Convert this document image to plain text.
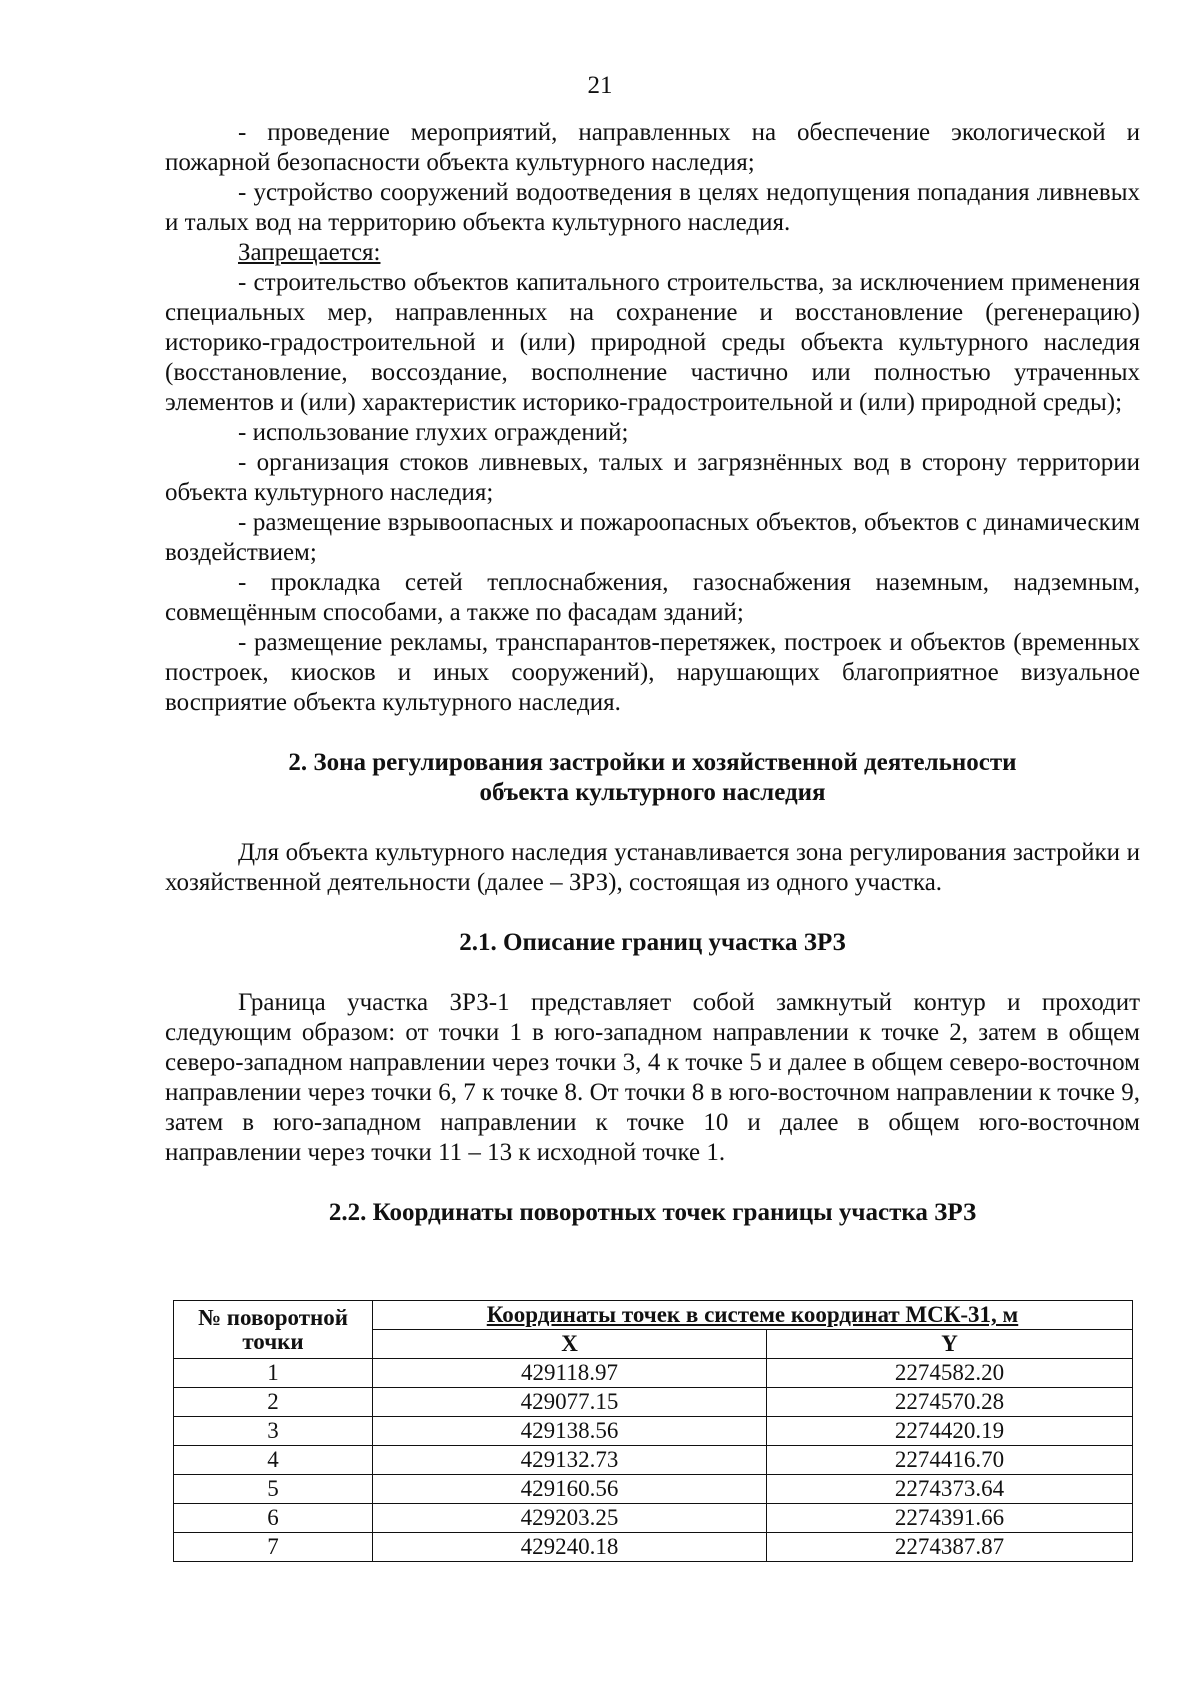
21

- проведение мероприятий, направленных на обеспечение экологической и пожарной безопасности объекта культурного наследия;

- устройство сооружений водоотведения в целях недопущения попадания ливневых и талых вод на территорию объекта культурного наследия.

Запрещается:

- строительство объектов капитального строительства, за исключением применения специальных мер, направленных на сохранение и восстановление (регенерацию) историко-градостроительной и (или) природной среды объекта культурного наследия (восстановление, воссоздание, восполнение частично или полностью утраченных элементов и (или) характеристик историко-градостроительной и (или) природной среды);

- использование глухих ограждений;

- организация стоков ливневых, талых и загрязнённых вод в сторону территории объекта культурного наследия;

- размещение взрывоопасных и пожароопасных объектов, объектов с динамическим воздействием;

- прокладка сетей теплоснабжения, газоснабжения наземным, надземным, совмещённым способами, а также по фасадам зданий;

- размещение рекламы, транспарантов-перетяжек, построек и объектов (временных построек, киосков и иных сооружений), нарушающих благоприятное визуальное восприятие объекта культурного наследия.

2. Зона регулирования застройки и хозяйственной деятельности
объекта культурного наследия

Для объекта культурного наследия устанавливается зона регулирования застройки и хозяйственной деятельности (далее – ЗРЗ), состоящая из одного участка.

2.1. Описание границ участка ЗРЗ

Граница участка ЗРЗ-1 представляет собой замкнутый контур и проходит следующим образом: от точки 1 в юго-западном направлении к точке 2, затем в общем северо-западном направлении через точки 3, 4 к точке 5 и далее в общем северо-восточном направлении через точки 6, 7 к точке 8. От точки 8 в юго-восточном направлении к точке 9, затем в юго-западном направлении к точке 10 и далее в общем юго-восточном направлении через точки 11 – 13 к исходной точке 1.

2.2. Координаты поворотных точек границы участка ЗРЗ
№ поворотной
точки	Координаты точек в системе координат МСК-31, м	
	X	Y
1	429118.97	2274582.20
2	429077.15	2274570.28
3	429138.56	2274420.19
4	429132.73	2274416.70
5	429160.56	2274373.64
6	429203.25	2274391.66
7	429240.18	2274387.87
